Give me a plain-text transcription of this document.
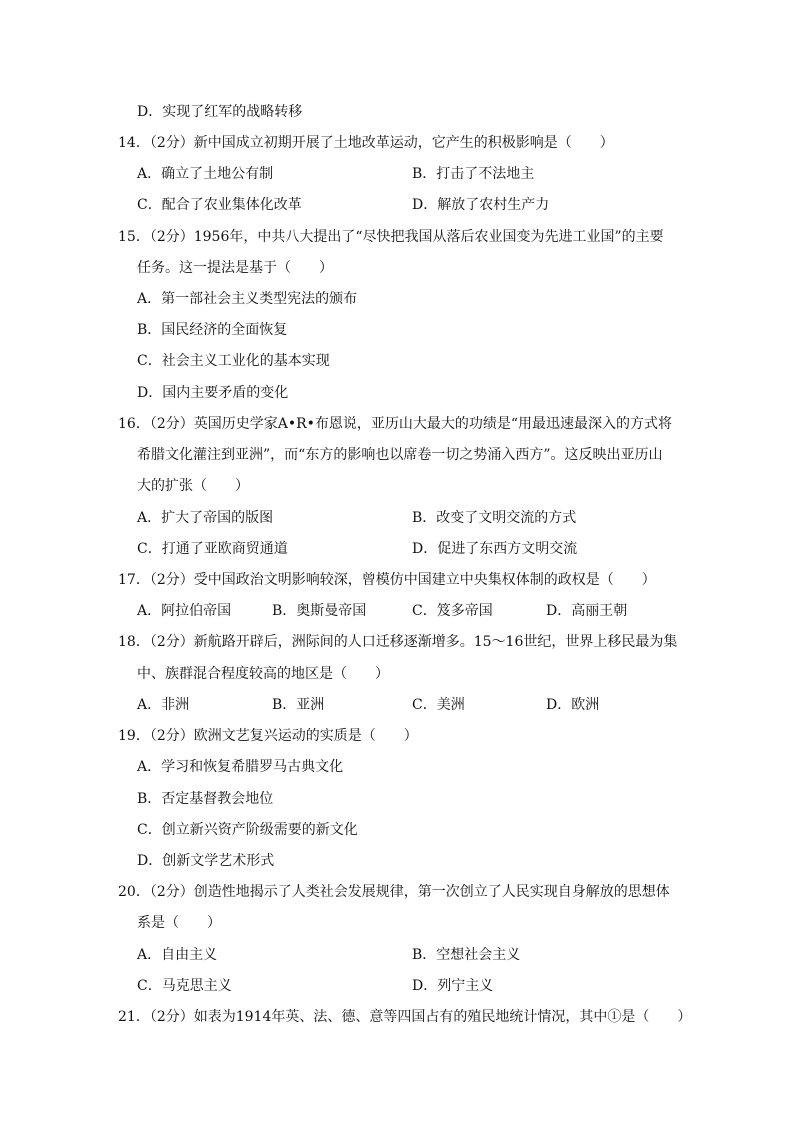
D．实现了红军的战略转移
14．（2分）新中国成立初期开展了土地改革运动，它产生的积极影响是（　　）
A．确立了土地公有制	B．打击了不法地主
C．配合了农业集体化改革	D．解放了农村生产力
15．（2分）1956年，中共八大提出了“尽快把我国从落后农业国变为先进工业国”的主要
任务。这一提法是基于（　　）
A．第一部社会主义类型宪法的颁布
B．国民经济的全面恢复
C．社会主义工业化的基本实现
D．国内主要矛盾的变化
16．（2分）英国历史学家A•R•布恩说，亚历山大最大的功绩是“用最迅速最深入的方式将
希腊文化灌注到亚洲”，而“东方的影响也以席卷一切之势涌入西方”。这反映出亚历山
大的扩张（　　）
A．扩大了帝国的版图	B．改变了文明交流的方式
C．打通了亚欧商贸通道	D．促进了东西方文明交流
17．（2分）受中国政治文明影响较深，曾模仿中国建立中央集权体制的政权是（　　）
A．阿拉伯帝国	B．奥斯曼帝国	C．笈多帝国	D．高丽王朝
18．（2分）新航路开辟后，洲际间的人口迁移逐渐增多。15～16世纪，世界上移民最为集
中、族群混合程度较高的地区是（　　）
A．非洲	B．亚洲	C．美洲	D．欧洲
19．（2分）欧洲文艺复兴运动的实质是（　　）
A．学习和恢复希腊罗马古典文化
B．否定基督教会地位
C．创立新兴资产阶级需要的新文化
D．创新文学艺术形式
20．（2分）创造性地揭示了人类社会发展规律，第一次创立了人民实现自身解放的思想体
系是（　　）
A．自由主义	B．空想社会主义
C．马克思主义	D．列宁主义
21．（2分）如表为1914年英、法、德、意等四国占有的殖民地统计情况，其中①是（　　）
